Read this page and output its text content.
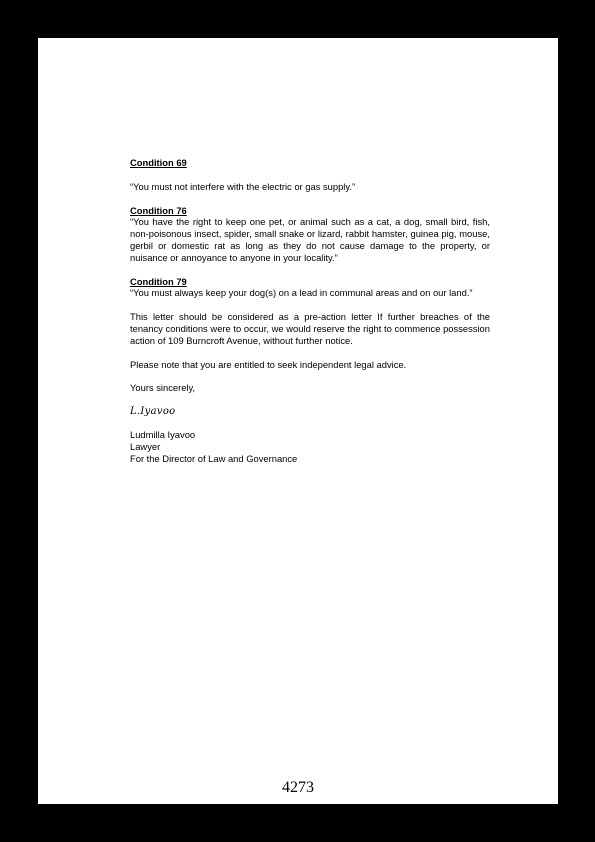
Condition 69

“You must not interfere with the electric or gas supply.”

Condition 76

“You have the right to keep one pet, or animal such as a cat, a dog, small bird, fish, non-poisonous insect, spider, small snake or lizard, rabbit hamster, guinea pig, mouse, gerbil or domestic rat as long as they do not cause damage to the property, or nuisance or annoyance to anyone in your locality.”

Condition 79

“You must always keep your dog(s) on a lead in communal areas and on our land.”

This letter should be considered as a pre-action letter If further breaches of the tenancy conditions were to occur, we would reserve the right to commence possession action of 109 Burncroft Avenue, without further notice.

Please note that you are entitled to seek independent legal advice.

Yours sincerely,

L.Iyavoo

Ludmilla Iyavoo

Lawyer

For the Director of Law and Governance

4273
